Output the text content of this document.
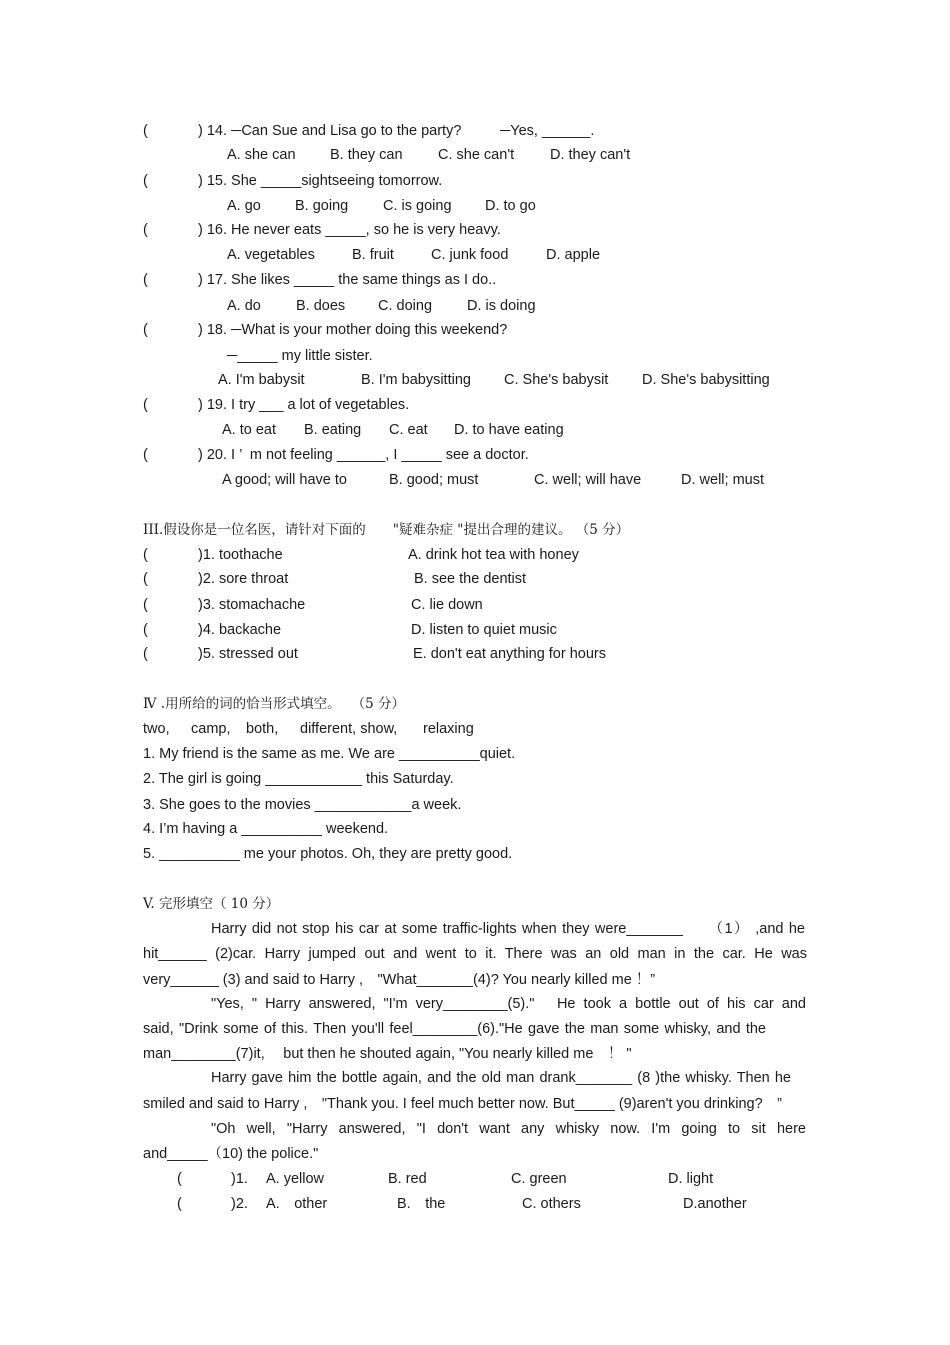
(	) 14. ─Can Sue and Lisa go to the party?	─Yes, ______.
A. she can B. they can C. she can't D. they can't
(	) 15. She _____sightseeing tomorrow.
A. go B. going C. is going D. to go
(	) 16. He never eats _____, so he is very heavy.
A. vegetables	B. fruit	C. junk food	D. apple
(	) 17. She likes _____ the same things as I do..
A. do B. does C. doing D. is doing
(	) 18. ─What is your mother doing this weekend?
─_____ my little sister.
A. I'm babysit	B. I'm babysitting C. She's babysit D. She's babysitting
(	) 19. I try ___ a lot of vegetables.
A. to eat B. eating C. eat D. to have eating
(	) 20. I ’  m not feeling ______, I _____ see a doctor.
A good; will have to	B. good; must	C. well; will have	D. well; must
III.假设你是一位名医，请针对下面的　　"疑难杂症 "提出合理的建议。 （5 分）
(	)1. toothache	A. drink hot tea with honey
(	)2. sore throat	B. see the dentist
(	)3. stomachache	C. lie down
(	)4. backache	D. listen to quiet music
(	)5. stressed out	E. don't eat anything for hours
Ⅳ .用所给的词的恰当形式填空。　 （5 分）
two, camp, both, different, show, relaxing
1. My friend is the same as me. We are __________quiet.
2. The girl is going ____________ this Saturday.
3. She goes to the movies ____________a week.
4. I’m having a __________ weekend.
5. __________ me your photos. Oh, they are pretty good.
V. 完形填空（ 10 分）
Harry did not stop his car at some traffic-lights when they were_______　　（1） ,and he
hit______ (2)car. Harry jumped out and went to it. There was an old man in the car. He was
very______ (3) and said to Harry ,　"What_______(4)? You nearly killed me ！”
"Yes, " Harry answered, "I'm very________(5)."　He took a bottle out of his car and
said, "Drink some of this. Then you'll feel________(6)."He gave the man some whisky, and the
man________(7)it,　 but then he shouted again, "You nearly killed me　！ "
Harry gave him the bottle again, and the old man drank_______ (8 )the whisky. Then he
smiled and said to Harry ,　"Thank you. I feel much better now. But_____ (9)aren't you drinking?　”
"Oh well, "Harry answered, "I don't want any whisky now. I'm going to sit here
and_____（10) the police."
(	)1. A. yellow	B. red	C. green	D. light
(	)2. A.　other	B.　the	C. others	D.another
